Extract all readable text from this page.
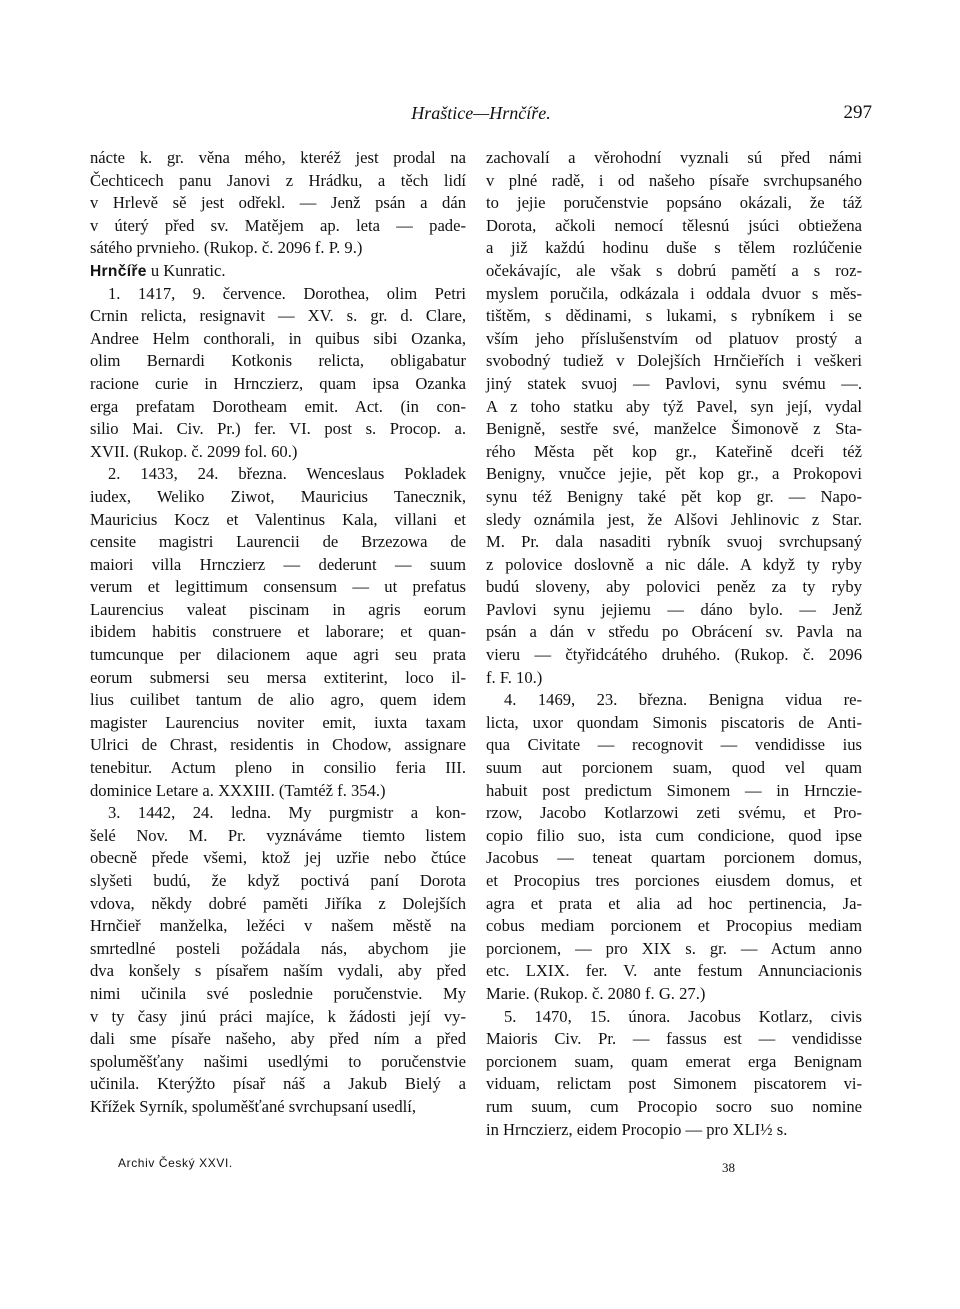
Hraštice—Hrnčíře.	297
nácte k. gr. věna mého, kteréž jest prodal na
Čechticech panu Janovi z Hrádku, a těch lidí
v Hrlevě sě jest odřekl. — Jenž psán a dán
v úterý před sv. Matějem ap. leta — pade-
sátého prvnieho. (Rukop. č. 2096 f. P. 9.)
Hrnčíře u Kunratic.
1. 1417, 9. července. Dorothea, olim Petri
Crnin relicta, resignavit — XV. s. gr. d. Clare,
Andree Helm conthorali, in quibus sibi Ozanka,
olim Bernardi Kotkonis relicta, obligabatur
racione curie in Hrnczierz, quam ipsa Ozanka
erga prefatam Dorotheam emit. Act. (in con-
silio Mai. Civ. Pr.) fer. VI. post s. Procop. a.
XVII. (Rukop. č. 2099 fol. 60.)
2. 1433, 24. března. Wenceslaus Pokladek
iudex, Weliko Ziwot, Mauricius Tanecznik,
Mauricius Kocz et Valentinus Kala, villani et
censite magistri Laurencii de Brzezowa de
maiori villa Hrnczierz — dederunt — suum
verum et legittimum consensum — ut prefatus
Laurencius valeat piscinam in agris eorum
ibidem habitis construere et laborare; et quan-
tumcunque per dilacionem aque agri seu prata
eorum submersi seu mersa extiterint, loco il-
lius cuilibet tantum de alio agro, quem idem
magister Laurencius noviter emit, iuxta taxam
Ulrici de Chrast, residentis in Chodow, assignare
tenebitur. Actum pleno in consilio feria III.
dominice Letare a. XXXIII. (Tamtéž f. 354.)
3. 1442, 24. ledna. My purgmistr a kon-
šelé Nov. M. Pr. vyznáváme tiemto listem
obecně přede všemi, ktož jej uzřie nebo čtúce
slyšeti budú, že když poctivá paní Dorota
vdova, někdy dobré paměti Jiříka z Dolejších
Hrnčieř manželka, ležéci v našem městě na
smrtedlné posteli požádala nás, abychom jie
dva konšely s písařem naším vydali, aby před
nimi učinila své poslednie poručenstvie. My
v ty časy jinú práci majíce, k žádosti její vy-
dali sme písaře našeho, aby před ním a před
spoluměšťany našimi usedlými to poručenstvie
učinila. Kterýžto písař náš a Jakub Bielý a
Křížek Syrník, spoluměšťané svrchupsaní usedlí,
zachovalí a věrohodní vyznali sú před námi
v plné radě, i od našeho písaře svrchupsaného
to jejie poručenstvie popsáno okázali, že táž
Dorota, ačkoli nemocí tělesnú jsúci obtiežena
a již každú hodinu duše s tělem rozlúčenie
očekávajíc, ale však s dobrú pamětí a s roz-
myslem poručila, odkázala i oddala dvuor s měs-
tištěm, s dědinami, s lukami, s rybníkem i se
vším jeho příslušenstvím od platuov prostý a
svobodný tudiež v Dolejších Hrnčieřích i veškeri
jiný statek svuoj — Pavlovi, synu svému —.
A z toho statku aby týž Pavel, syn její, vydal
Benigně, sestře své, manželce Šimonově z Sta-
rého Města pět kop gr., Kateřině dceři též
Benigny, vnučce jejie, pět kop gr., a Prokopovi
synu též Benigny také pět kop gr. — Napo-
sledy oznámila jest, že Alšovi Jehlinovic z Star.
M. Pr. dala nasaditi rybník svuoj svrchupsaný
z polovice doslovně a nic dále. A když ty ryby
budú sloveny, aby polovici peněz za ty ryby
Pavlovi synu jejiemu — dáno bylo. — Jenž
psán a dán v středu po Obrácení sv. Pavla na
vieru — čtyřidcátého druhého. (Rukop. č. 2096
f. F. 10.)
4. 1469, 23. března. Benigna vidua re-
licta, uxor quondam Simonis piscatoris de Anti-
qua Civitate — recognovit — vendidisse ius
suum aut porcionem suam, quod vel quam
habuit post predictum Simonem — in Hrnczie-
rzow, Jacobo Kotlarzowi zeti svému, et Pro-
copio filio suo, ista cum condicione, quod ipse
Jacobus — teneat quartam porcionem domus,
et Procopius tres porciones eiusdem domus, et
agra et prata et alia ad hoc pertinencia, Ja-
cobus mediam porcionem et Procopius mediam
porcionem, — pro XIX s. gr. — Actum anno
etc. LXIX. fer. V. ante festum Annunciacionis
Marie. (Rukop. č. 2080 f. G. 27.)
5. 1470, 15. února. Jacobus Kotlarz, civis
Maioris Civ. Pr. — fassus est — vendidisse
porcionem suam, quam emerat erga Benignam
viduam, relictam post Simonem piscatorem vi-
rum suum, cum Procopio socro suo nomine
in Hrnczierz, eidem Procopio — pro XLI½ s.
Archiv Český XXVI.	38
